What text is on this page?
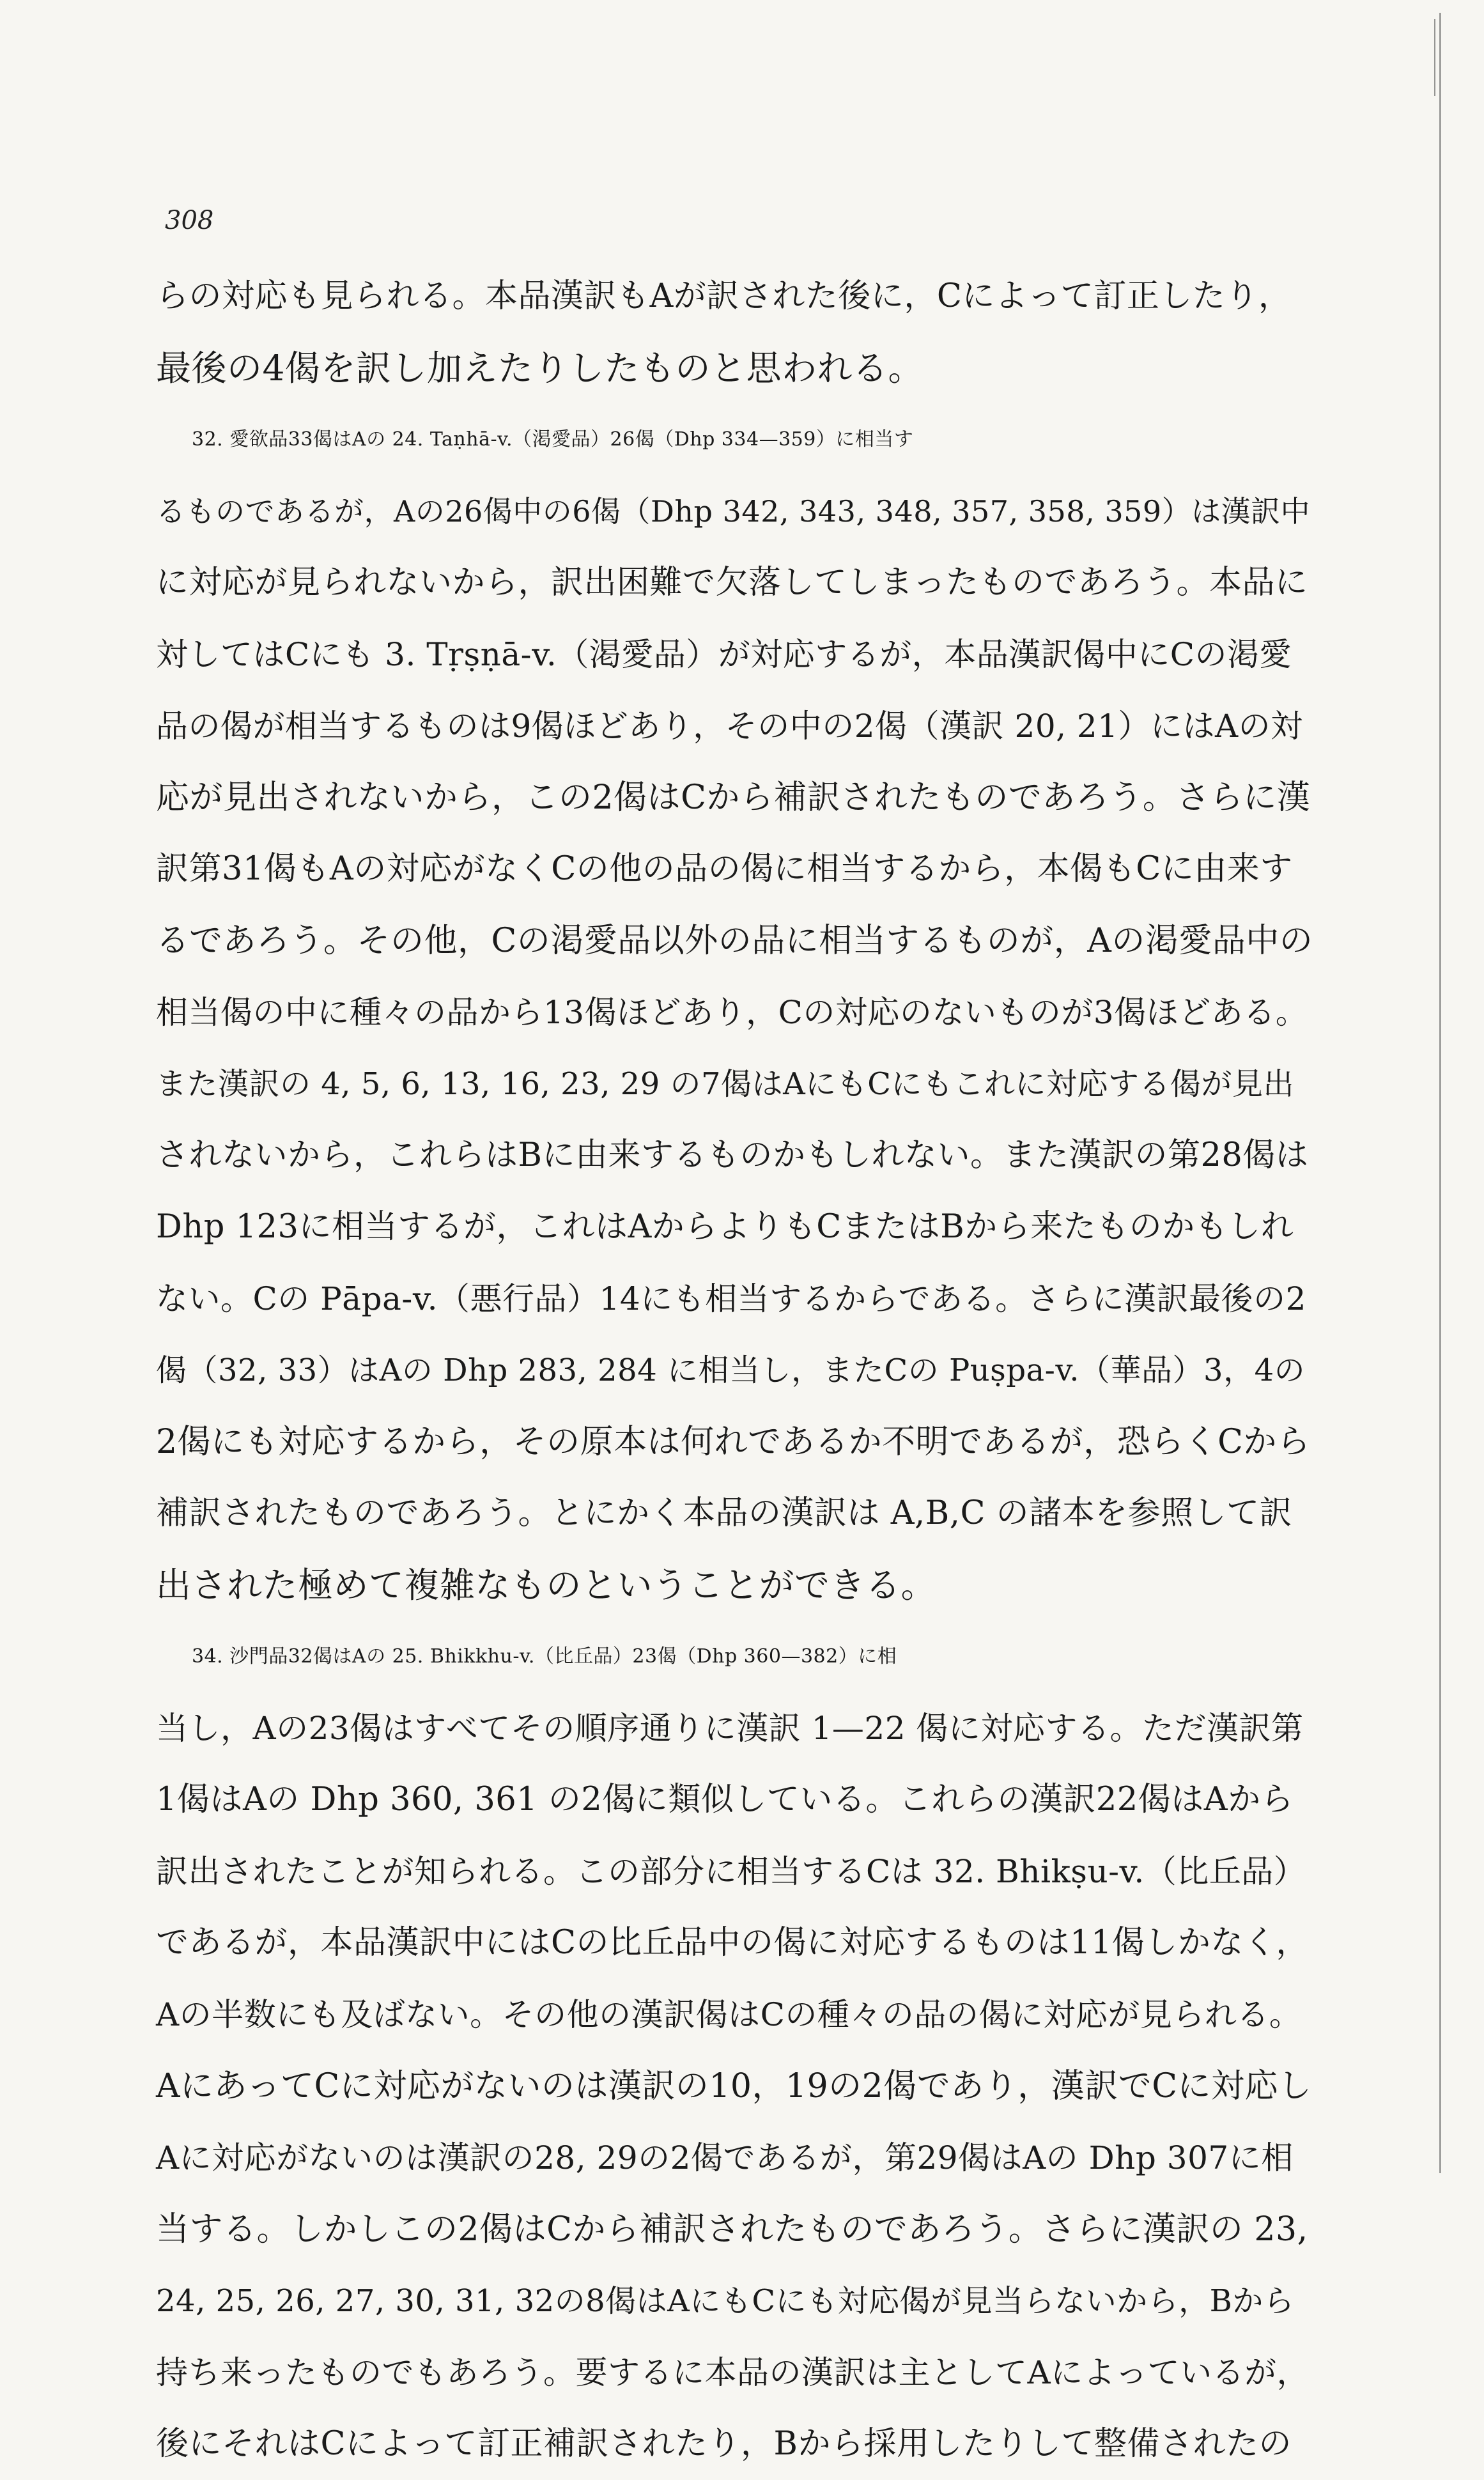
308
らの対応も見られる。本品漢訳もAが訳された後に，Cによって訂正したり，
最後の4偈を訳し加えたりしたものと思われる。
32. 愛欲品33偈はAの 24. Taṇhā-v.（渇愛品）26偈（Dhp 334—359）に相当す
るものであるが，Aの26偈中の6偈（Dhp 342, 343, 348, 357, 358, 359）は漢訳中
に対応が見られないから，訳出困難で欠落してしまったものであろう。本品に
対してはCにも 3. Tṛṣṇā-v.（渇愛品）が対応するが，本品漢訳偈中にCの渇愛
品の偈が相当するものは9偈ほどあり，その中の2偈（漢訳 20, 21）にはAの対
応が見出されないから，この2偈はCから補訳されたものであろう。さらに漢
訳第31偈もAの対応がなくCの他の品の偈に相当するから，本偈もCに由来す
るであろう。その他，Cの渇愛品以外の品に相当するものが，Aの渇愛品中の
相当偈の中に種々の品から13偈ほどあり，Cの対応のないものが3偈ほどある。
また漢訳の 4, 5, 6, 13, 16, 23, 29 の7偈はAにもCにもこれに対応する偈が見出
されないから，これらはBに由来するものかもしれない。また漢訳の第28偈は
Dhp 123に相当するが，これはAからよりもCまたはBから来たものかもしれ
ない。Cの Pāpa-v.（悪行品）14にも相当するからである。さらに漢訳最後の2
偈（32, 33）はAの Dhp 283, 284 に相当し，またCの Puṣpa-v.（華品）3，4の
2偈にも対応するから，その原本は何れであるか不明であるが，恐らくCから
補訳されたものであろう。とにかく本品の漢訳は A,B,C の諸本を参照して訳
出された極めて複雑なものということができる。
34. 沙門品32偈はAの 25. Bhikkhu-v.（比丘品）23偈（Dhp 360—382）に相
当し，Aの23偈はすべてその順序通りに漢訳 1—22 偈に対応する。ただ漢訳第
1偈はAの Dhp 360, 361 の2偈に類似している。これらの漢訳22偈はAから
訳出されたことが知られる。この部分に相当するCは 32. Bhikṣu-v.（比丘品）
であるが，本品漢訳中にはCの比丘品中の偈に対応するものは11偈しかなく，
Aの半数にも及ばない。その他の漢訳偈はCの種々の品の偈に対応が見られる。
AにあってCに対応がないのは漢訳の10，19の2偈であり，漢訳でCに対応し
Aに対応がないのは漢訳の28, 29の2偈であるが，第29偈はAの Dhp 307に相
当する。しかしこの2偈はCから補訳されたものであろう。さらに漢訳の 23,
24, 25, 26, 27, 30, 31, 32の8偈はAにもCにも対応偈が見当らないから，Bから
持ち来ったものでもあろう。要するに本品の漢訳は主としてAによっているが，
後にそれはCによって訂正補訳されたり，Bから採用したりして整備されたの
